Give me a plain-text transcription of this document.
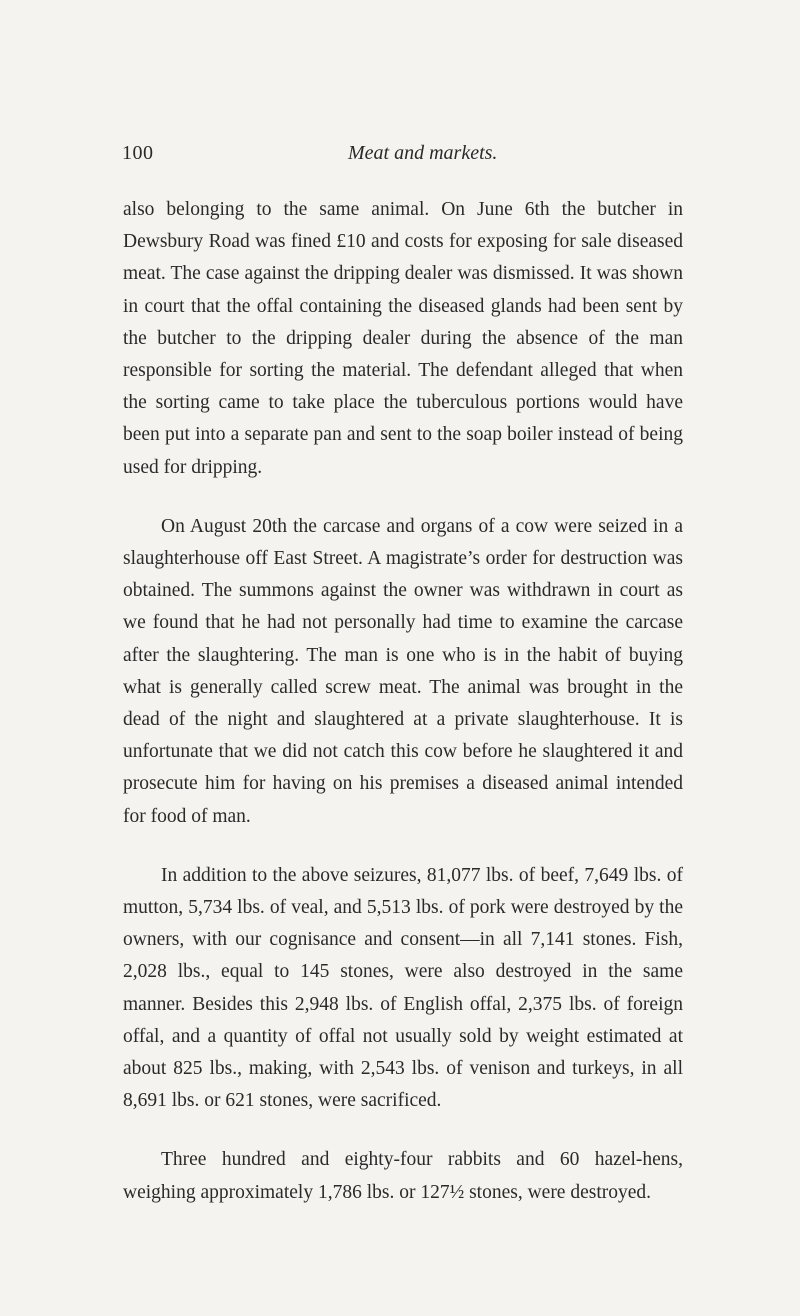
100	Meat and markets.

also belonging to the same animal. On June 6th the butcher in Dewsbury Road was fined £10 and costs for exposing for sale diseased meat. The case against the dripping dealer was dismissed. It was shown in court that the offal containing the diseased glands had been sent by the butcher to the dripping dealer during the absence of the man responsible for sorting the material. The defendant alleged that when the sorting came to take place the tuberculous portions would have been put into a separate pan and sent to the soap boiler instead of being used for dripping.

On August 20th the carcase and organs of a cow were seized in a slaughterhouse off East Street. A magistrate’s order for destruction was obtained. The summons against the owner was withdrawn in court as we found that he had not personally had time to examine the carcase after the slaughtering. The man is one who is in the habit of buying what is generally called screw meat. The animal was brought in the dead of the night and slaughtered at a private slaughterhouse. It is unfortunate that we did not catch this cow before he slaughtered it and prosecute him for having on his premises a diseased animal intended for food of man.

In addition to the above seizures, 81,077 lbs. of beef, 7,649 lbs. of mutton, 5,734 lbs. of veal, and 5,513 lbs. of pork were destroyed by the owners, with our cognisance and consent—in all 7,141 stones. Fish, 2,028 lbs., equal to 145 stones, were also destroyed in the same manner. Besides this 2,948 lbs. of English offal, 2,375 lbs. of foreign offal, and a quantity of offal not usually sold by weight estimated at about 825 lbs., making, with 2,543 lbs. of venison and turkeys, in all 8,691 lbs. or 621 stones, were sacrificed.

Three hundred and eighty-four rabbits and 60 hazel-hens, weighing approximately 1,786 lbs. or 127½ stones, were destroyed.
